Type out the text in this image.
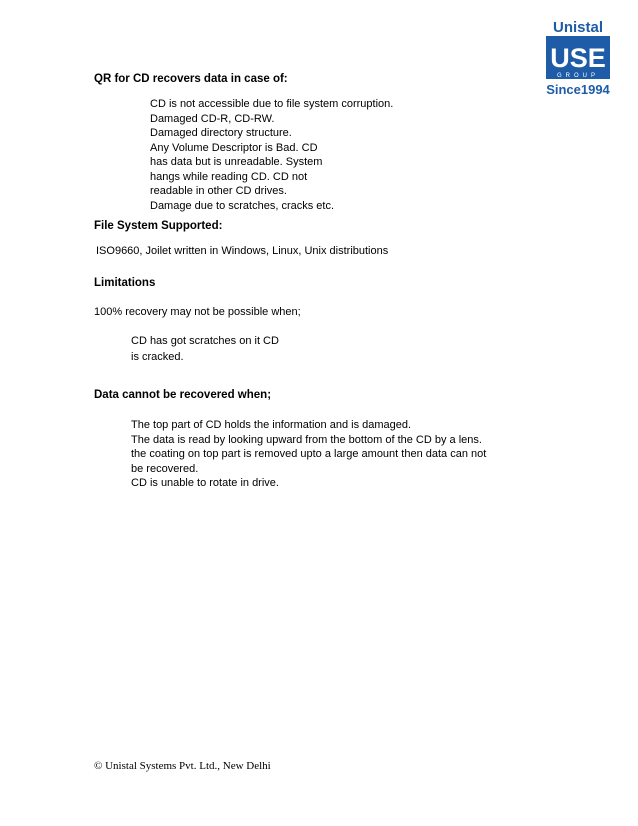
Unistal
USE
GROUP
Since1994
QR for CD recovers data in case of:
CD is not accessible due to file system corruption.
Damaged CD-R, CD-RW.
Damaged directory structure.
Any Volume Descriptor is Bad. CD
has data but is unreadable. System
hangs while reading CD. CD not
readable in other CD drives.
Damage due to scratches, cracks etc.
File System Supported:
ISO9660, Joilet written in Windows, Linux, Unix distributions
Limitations
100% recovery may not be possible when;
CD has got scratches on it CD
is cracked.
Data cannot be recovered when;
The top part of CD holds the information and is damaged.
The data is read by looking upward from the bottom of the CD by a lens.
the coating on top part is removed upto a large amount then data can not
be recovered.
CD is unable to rotate in drive.
© Unistal Systems Pvt. Ltd., New Delhi
